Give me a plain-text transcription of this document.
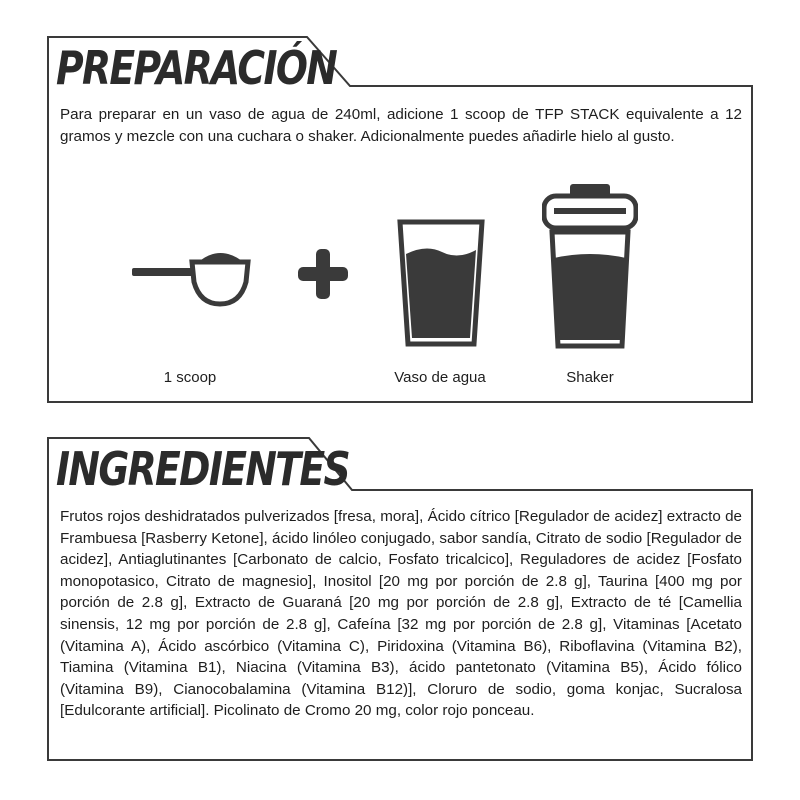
PREPARACIÓN

Para preparar en un vaso de agua de 240ml, adicione 1 scoop de TFP STACK equivalente a 12 gramos y mezcle con una cuchara o shaker. Adicionalmente puedes añadirle hielo al gusto.

1 scoop	Vaso de agua	Shaker
INGREDIENTES

Frutos rojos deshidratados pulverizados [fresa, mora], Ácido cítrico [Regulador de acidez] extracto de Frambuesa [Rasberry Ketone], ácido linóleo conjugado, sabor sandía, Citrato de sodio [Regulador de acidez], Antiaglutinantes [Carbonato de calcio, Fosfato tricalcico], Reguladores de acidez [Fosfato monopotasico, Citrato de magnesio], Inositol [20 mg por porción de 2.8 g], Taurina [400 mg por porción de 2.8 g], Extracto de Guaraná [20 mg por porción de 2.8 g], Extracto de té [Camellia sinensis, 12 mg por porción de 2.8 g], Cafeína [32 mg por porción de 2.8 g], Vitaminas [Acetato (Vitamina A), Ácido ascórbico (Vitamina C), Piridoxina (Vitamina B6), Riboflavina (Vitamina B2), Tiamina (Vitamina B1), Niacina (Vitamina B3), ácido pantetonato (Vitamina B5), Ácido fólico (Vitamina B9), Cianocobalamina (Vitamina B12)], Cloruro de sodio, goma konjac, Sucralosa [Edulcorante artificial]. Picolinato de Cromo 20 mg, color rojo ponceau.
